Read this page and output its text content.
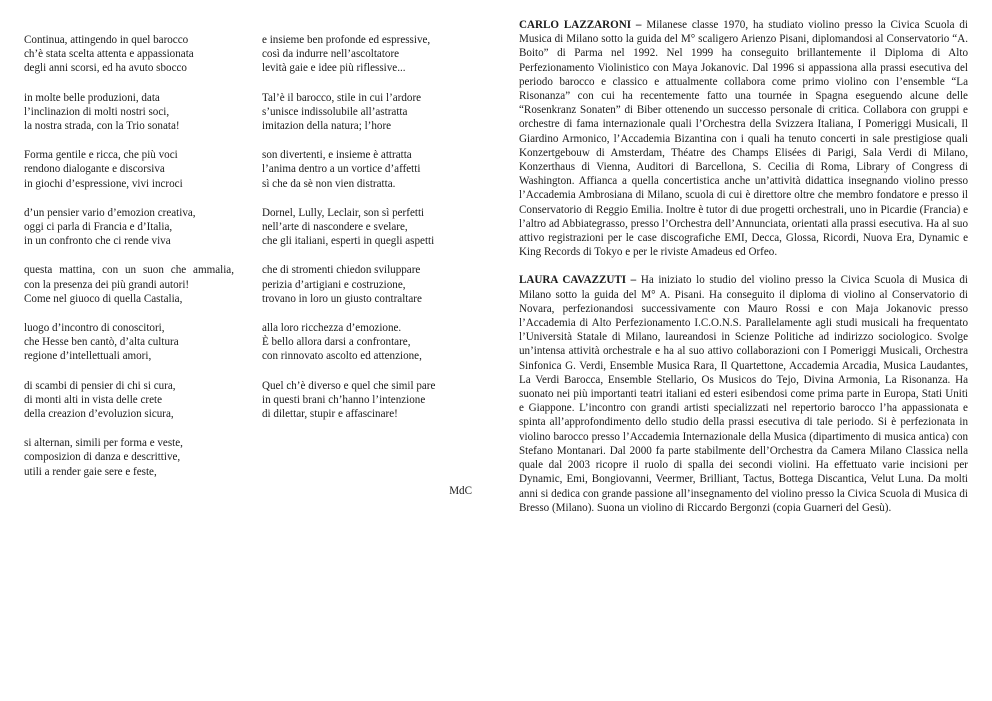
Continua, attingendo in quel barocco
ch’è stata scelta attenta e appassionata
degli anni scorsi, ed ha avuto sbocco
in molte belle produzioni, data
l’inclinazion di molti nostri soci,
la nostra strada, con la Trio sonata!
Forma gentile e ricca, che più voci
rendono dialogante e discorsiva
in giochi d’espressione, vivi incroci
d’un pensier vario d’emozion creativa,
oggi ci parla di Francia e d’Italia,
in un confronto che ci rende viva
questa mattina, con un suon che ammalia,
con la presenza dei più grandi autori!
Come nel giuoco di quella Castalia,
luogo d’incontro di conoscitori,
che Hesse ben cantò, d’alta cultura
regione d’intellettuali amori,
di scambi di pensier di chi si cura,
di monti alti in vista delle crete
della creazion d’evoluzion sicura,
si alternan, simili per forma e veste,
composizion di danza e descrittive,
utili a render gaie sere e feste,
e insieme ben profonde ed espressive,
così da indurre nell’ascoltatore
levità gaie e idee più riflessive...
Tal’è il barocco, stile in cui l’ardore
s’unisce indissolubile all’astratta
imitazion della natura; l’hore
son divertenti, e insieme è attratta
l’anima dentro a un vortice d’affetti
sì che da sè non vien distratta.
Dornel, Lully, Leclair, son sì perfetti
nell’arte di nascondere e svelare,
che gli italiani, esperti in quegli aspetti
che di stromenti chiedon sviluppare
perizia d’artigiani e costruzione,
trovano in loro un giusto contraltare
alla loro ricchezza d’emozione.
È bello allora darsi a confrontare,
con rinnovato ascolto ed attenzione,
Quel ch’è diverso e quel che simil pare
in questi brani ch’hanno l’intenzione
di dilettar, stupir e affascinare!
MdC

CARLO LAZZARONI – Milanese classe 1970, ha studiato violino presso la Civica Scuola di Musica di Milano sotto la guida del M° scaligero Arienzo Pisani, diplomandosi al Conservatorio “A. Boito” di Parma nel 1992. Nel 1999 ha conseguito brillantemente il Diploma di Alto Perfezionamento Violinistico con Maya Jokanovic. Dal 1996 si appassiona alla prassi esecutiva del periodo barocco e classico e attualmente collabora come primo violino con l’ensemble “La Risonanza” con cui ha recentemente fatto una tournée in Spagna eseguendo alcune delle “Rosenkranz Sonaten” di Biber ottenendo un successo personale di critica. Collabora con gruppi e orchestre di fama internazionale quali l’Orchestra della Svizzera Italiana, I Pomeriggi Musicali, Il Giardino Armonico, l’Accademia Bizantina con i quali ha tenuto concerti in sale prestigiose quali Konzertgebouw di Amsterdam, Théatre des Champs Elisées di Parigi, Sala Verdi di Milano, Konzerthaus di Vienna, Auditori di Barcellona, S. Cecilia di Roma, Library of Congress di Washington. Affianca a quella concertistica anche un’attività didattica insegnando violino presso l’Accademia Ambrosiana di Milano, scuola di cui è direttore oltre che membro fondatore e presso il Conservatorio di Reggio Emilia. Inoltre è tutor di due progetti orchestrali, uno in Picardie (Francia) e l’altro ad Abbiategrasso, presso l’Orchestra dell’Annunciata, orientati alla prassi esecutiva. Ha al suo attivo registrazioni per le case discografiche EMI, Decca, Glossa, Ricordi, Nuova Era, Dynamic e King Records di Tokyo e per le riviste Amadeus ed Orfeo.

LAURA CAVAZZUTI – Ha iniziato lo studio del violino presso la Civica Scuola di Musica di Milano sotto la guida del M° A. Pisani. Ha conseguito il diploma di violino al Conservatorio di Novara, perfezionandosi successivamente con Mauro Rossi e con Maja Jokanovic presso l’Accademia di Alto Perfezionamento I.C.O.N.S. Parallelamente agli studi musicali ha frequentato l’Università Statale di Milano, laureandosi in Scienze Politiche ad indirizzo sociologico. Svolge un’intensa attività orchestrale e ha al suo attivo collaborazioni con I Pomeriggi Musicali, Orchestra Sinfonica G. Verdi, Ensemble Musica Rara, Il Quartettone, Accademia Arcadia, Musica Laudantes, La Verdi Barocca, Ensemble Stellario, Os Musicos do Tejo, Divina Armonia, La Risonanza. Ha suonato nei più importanti teatri italiani ed esteri esibendosi come prima parte in Europa, Stati Uniti e Giappone. L’incontro con grandi artisti specializzati nel repertorio barocco l’ha appassionata e spinta all’approfondimento dello studio della prassi esecutiva di tale periodo. Si è perfezionata in violino barocco presso l’Accademia Internazionale della Musica (dipartimento di musica antica) con Stefano Montanari. Dal 2000 fa parte stabilmente dell’Orchestra da Camera Milano Classica nella quale dal 2003 ricopre il ruolo di spalla dei secondi violini. Ha effettuato varie incisioni per Dynamic, Emi, Bongiovanni, Veermer, Brilliant, Tactus, Bottega Discantica, Velut Luna. Da molti anni si dedica con grande passione all’insegnamento del violino presso la Civica Scuola di Musica di Bresso (Milano). Suona un violino di Riccardo Bergonzi (copia Guarneri del Gesù).
